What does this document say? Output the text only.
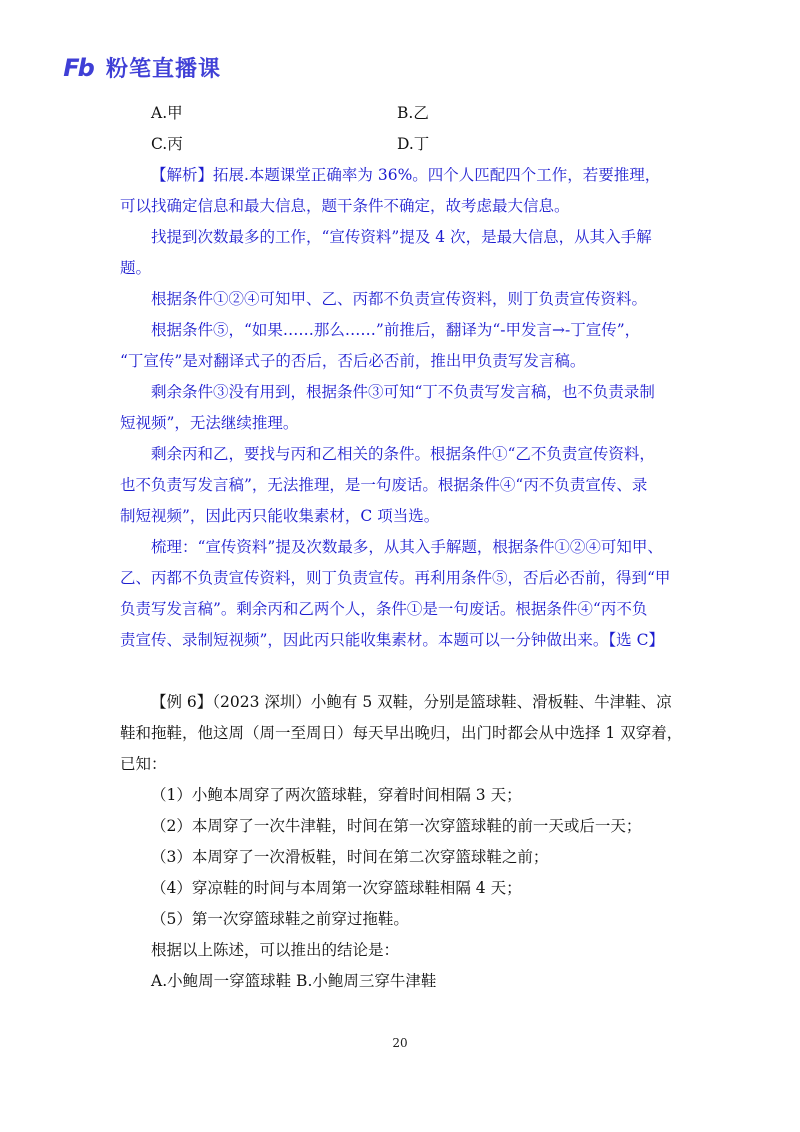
Fb 粉笔直播课
A.甲	B.乙
C.丙	D.丁
【解析】拓展.本题课堂正确率为 36%。四个人匹配四个工作，若要推理，
可以找确定信息和最大信息，题干条件不确定，故考虑最大信息。
找提到次数最多的工作，“宣传资料”提及 4 次，是最大信息，从其入手解
题。
根据条件①②④可知甲、乙、丙都不负责宣传资料，则丁负责宣传资料。
根据条件⑤，“如果……那么……”前推后，翻译为“-甲发言→-丁宣传”，
“丁宣传”是对翻译式子的否后，否后必否前，推出甲负责写发言稿。
剩余条件③没有用到，根据条件③可知“丁不负责写发言稿，也不负责录制
短视频”，无法继续推理。
剩余丙和乙，要找与丙和乙相关的条件。根据条件①“乙不负责宣传资料，
也不负责写发言稿”，无法推理，是一句废话。根据条件④“丙不负责宣传、录
制短视频”，因此丙只能收集素材，C 项当选。
梳理：“宣传资料”提及次数最多，从其入手解题，根据条件①②④可知甲、
乙、丙都不负责宣传资料，则丁负责宣传。再利用条件⑤，否后必否前，得到“甲
负责写发言稿”。剩余丙和乙两个人，条件①是一句废话。根据条件④“丙不负
责宣传、录制短视频”，因此丙只能收集素材。本题可以一分钟做出来。【选 C】
【例 6】（2023 深圳）小鲍有 5 双鞋，分别是篮球鞋、滑板鞋、牛津鞋、凉
鞋和拖鞋，他这周（周一至周日）每天早出晚归，出门时都会从中选择 1 双穿着，
已知：
（1）小鲍本周穿了两次篮球鞋，穿着时间相隔 3 天；
（2）本周穿了一次牛津鞋，时间在第一次穿篮球鞋的前一天或后一天；
（3）本周穿了一次滑板鞋，时间在第二次穿篮球鞋之前；
（4）穿凉鞋的时间与本周第一次穿篮球鞋相隔 4 天；
（5）第一次穿篮球鞋之前穿过拖鞋。
根据以上陈述，可以推出的结论是：
A.小鲍周一穿篮球鞋 B.小鲍周三穿牛津鞋
20
